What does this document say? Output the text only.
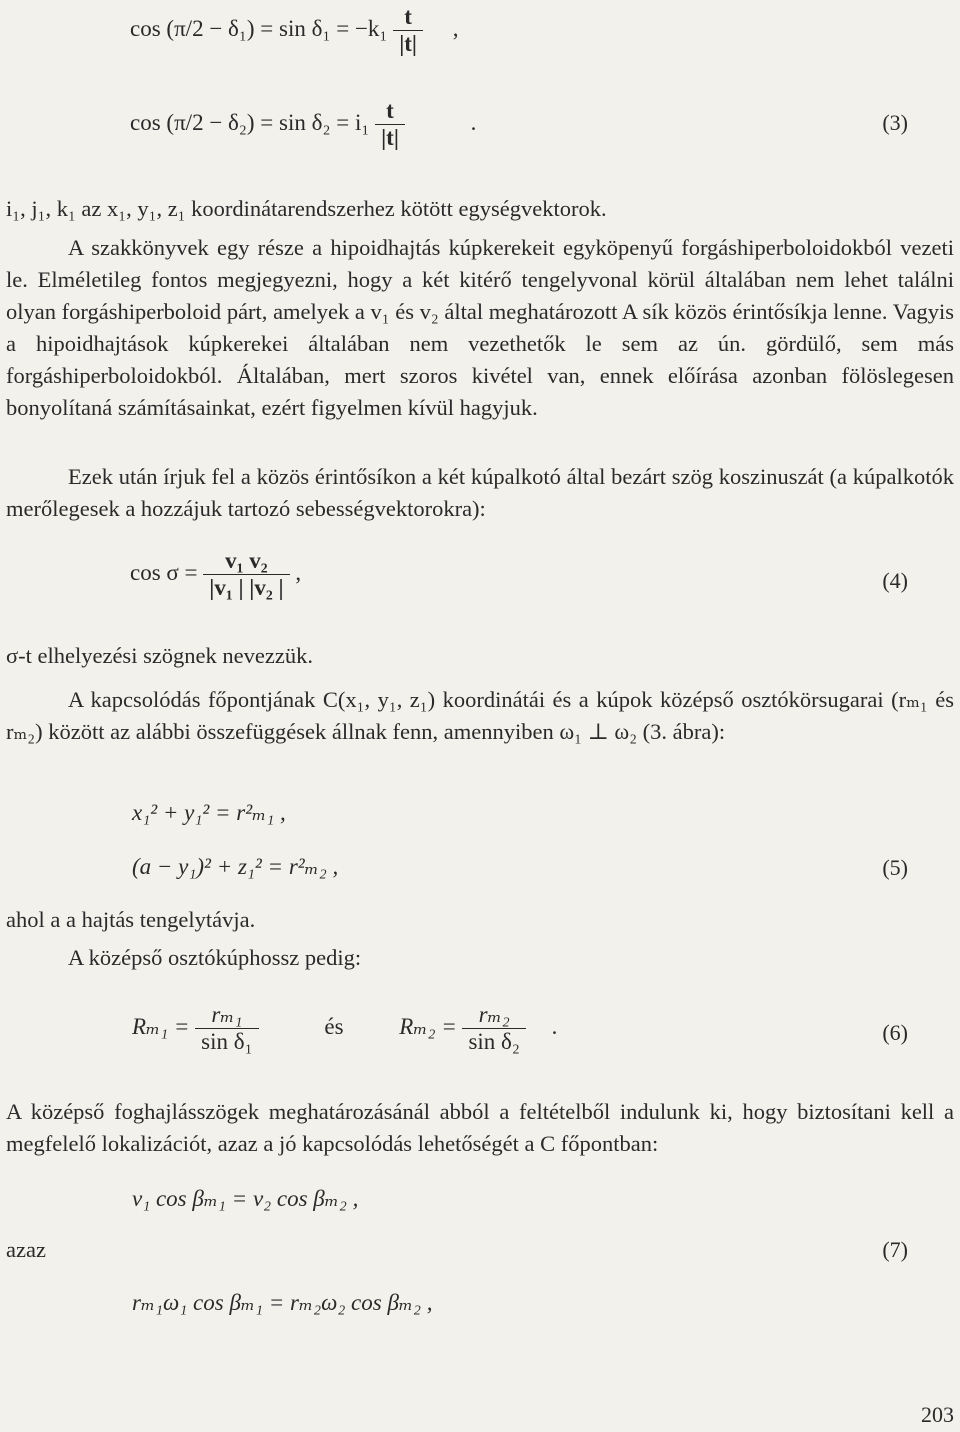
$\cos (\pi/2 - \delta_1) = \sin \delta_1 = -k_1 \frac{t}{|t|}$ ,
$\cos (\pi/2 - \delta_2) = \sin \delta_2 = i_1 \frac{t}{|t|}$	.	(3)
i₁, j₁, k₁ az x₁, y₁, z₁ koordinátarendszerhez kötött egységvektorok.

A szakkönyvek egy része a hipoidhajtás kúpkerekeit egyköpenyű forgáshiperboloidokból vezeti le. Elméletileg fontos megjegyezni, hogy a két kitérő tengelyvonal körül általában nem lehet találni olyan forgáshiperboloid párt, amelyek a v₁ és v₂ által meghatározott A sík közös érintősíkja lenne. Vagyis a hipoidhajtások kúpkerekei általában nem vezethetők le sem az ún. gördülő, sem más forgáshiperboloidokból. Általában, mert szoros kivétel van, ennek előírása azonban fölöslegesen bonyolítaná számításainkat, ezért figyelmen kívül hagyjuk.

Ezek után írjuk fel a közös érintősíkon a két kúpalkotó által bezárt szög koszinuszát (a kúpalkotók merőlegesek a hozzájuk tartozó sebességvektorokra):

$\cos \sigma = \frac{\text{v₁ v₂}}{\text{|v₁ | |v₂ |}}$ ,	(4)
σ-t elhelyezési szögnek nevezzük.

A kapcsolódás főpontjának C(x₁, y₁, z₁) koordinátái és a kúpok középső osztókörsugarai (rₘ₁ és rₘ₂) között az alábbi összefüggések állnak fenn, amennyiben ω₁ ⊥ ω₂ (3. ábra):

x₁² + y₁² = r²ₘ₁ ,
(a − y₁)² + z₁² = r²ₘ₂ ,	(5)
ahol a a hajtás tengelytávja.
A középső osztókúphossz pedig:
$R_{m1} = \frac{\text{rₘ₁}}{\text{sin δ₁}}$	és $R_{m2} = \frac{\text{rₘ₂}}{\text{sin δ₂}}$ .	(6)

A középső foghajlásszögek meghatározásánál abból a feltételből indulunk ki, hogy biztosítani kell a megfelelő lokalizációt, azaz a jó kapcsolódás lehetőségét a C főpontban:

v₁ cos βₘ₁ = v₂ cos βₘ₂ ,
azaz	(7)
rₘ₁ω₁ cos βₘ₁ = rₘ₂ω₂ cos βₘ₂ ,
203
